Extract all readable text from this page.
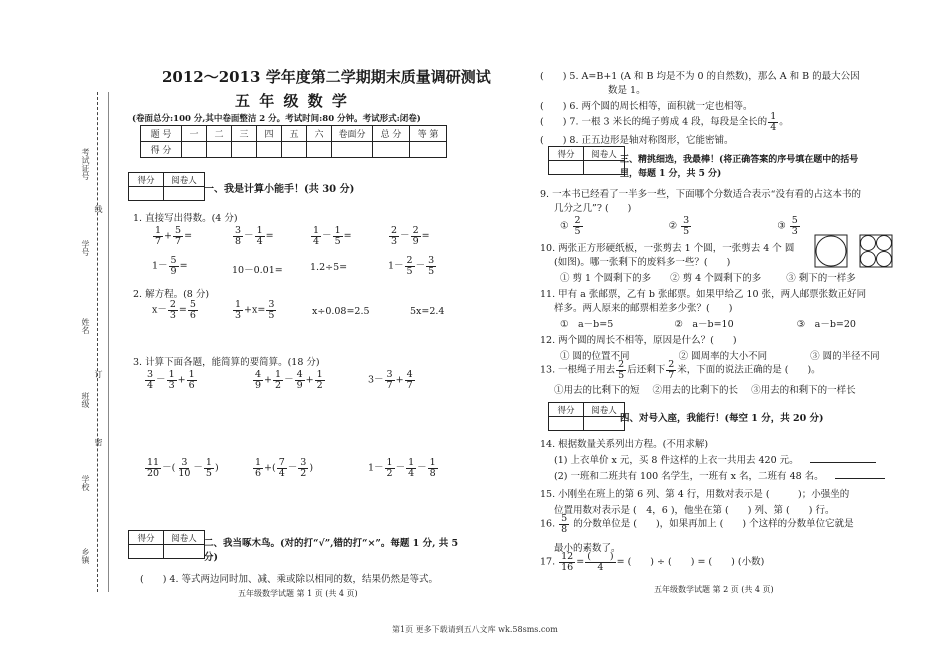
考试证号
线
学号
姓名
订
班级
密
学校
乡镇
2012～2013 学年度第二学期期末质量调研测试
五 年 级 数 学
(卷面总分:100 分,其中卷面整洁 2 分。考试时间:80 分钟。考试形式:闭卷)
题 号	一	二	三	四	五	六	卷面分	总 分	等 第
得 分									
得分	阅卷人

一、我是计算小能手！(共 30 分)
1. 直接写出得数。(4 分)
$\frac{1}{7} + \frac{5}{7}$ =	$\frac{3}{8} - \frac{1}{4}$ =	$\frac{1}{4} - \frac{1}{5}$ =	$\frac{2}{3} - \frac{2}{9}$ =
$1- \frac{5}{9}$ =	10－0.01=	1.2÷5=	$1- \frac{2}{5} - \frac{3}{5}$
2. 解方程。(8 分)
$x- \frac{2}{3} = \frac{5}{6}$	$\frac{1}{3} +x= \frac{3}{5}$	x÷0.08=2.5	5x=2.4
3. 计算下面各题，能简算的要简算。(18 分)
$\frac{3}{4} - \frac{1}{3} + \frac{1}{6}$	$\frac{4}{9} + \frac{1}{2} - \frac{4}{9} + \frac{1}{2}$	$3- \frac{3}{7} + \frac{4}{7}$
$\frac{11}{20}$ －( $\frac{3}{10} - \frac{1}{5}$ )	$\frac{1}{6}$ +( $\frac{7}{4} - \frac{3}{2}$ )	$1- \frac{1}{2} - \frac{1}{4} - \frac{1}{8}$
得分	阅卷人
	二、我当啄木鸟。(对的打“√”,错的打“×”。每题 1 分, 共 5 分)
(　　) 4. 等式两边同时加、减、乘或除以相同的数，结果仍然是等式。
五年级数学试题 第 1 页 (共 4 页)
(　　) 5. A=B+1 (A 和 B 均是不为 0 的自然数)，那么 A 和 B 的最大公因
数是 1。
(　　) 6. 两个圆的周长相等，面积就一定也相等。
(　　) 7. 一根 3 米长的绳子剪成 4 段，每段是全长的 $\frac{1}{4}$ 。
(　　) 8. 正五边形是轴对称图形，它能密铺。
得分	阅卷人

三、精挑细选，我最棒！(将正确答案的序号填在题中的括号
里，每题 1 分，共 5 分)
9. 一本书已经看了一半多一些，下面哪个分数适合表示“没有看的占这本书的
几分之几”? (　　)
① $\frac{2}{5}$	② $\frac{3}{5}$	③ $\frac{5}{3}$
10. 两张正方形硬纸板，一张剪去 1 个圆，一张剪去 4 个 圆
(如图)。哪一张剩下的废料多一些？(　　)
① 剪 1 个圆剩下的多 ② 剪 4 个圆剩下的多	③ 剩下的一样多
11. 甲有 a 张邮票，乙有 b 张邮票。如果甲给乙 10 张，两人邮票张数正好同
样多。两人原来的邮票相差多少张？(　　)
①　a－b=5	②　a－b=10	③　a－b=20
12. 两个圆的周长不相等，原因是什么？(　　)
① 圆的位置不同	② 圆周率的大小不同	③ 圆的半径不同
13. 一根绳子用去 $\frac{2}{5}$ 后还剩下 $\frac{2}{7}$ 米，下面的说法正确的是 (　　)。
①用去的比剩下的短 ②用去的比剩下的长 ③用去的和剩下的一样长
得分	阅卷人

四、对号入座，我能行！(每空 1 分，共 20 分)
14. 根据数量关系列出方程。(不用求解)
(1) 上衣单价 x 元，买 8 件这样的上衣一共用去 420 元。
(2) 一班和二班共有 100 名学生，一班有 x 名，二班有 48 名。
15. 小刚坐在班上的第 6 列、第 4 行，用数对表示是 (　　　)；小强坐的
位置用数对表示是 (　4，6 )，他坐在第 (　　) 列、第 (　　) 行。
16. $\frac{5}{8}$ 的分数单位是 (　　)，如果再加上 (　　) 个这样的分数单位它就是
最小的素数了。
17. $\frac{12}{16} = \frac{( )}{4}$ = (　　) ÷ (　　) = (　　) (小数)
五年级数学试题 第 2 页 (共 4 页)
第1页 更多下载请到五八文库 wk.58sms.com
